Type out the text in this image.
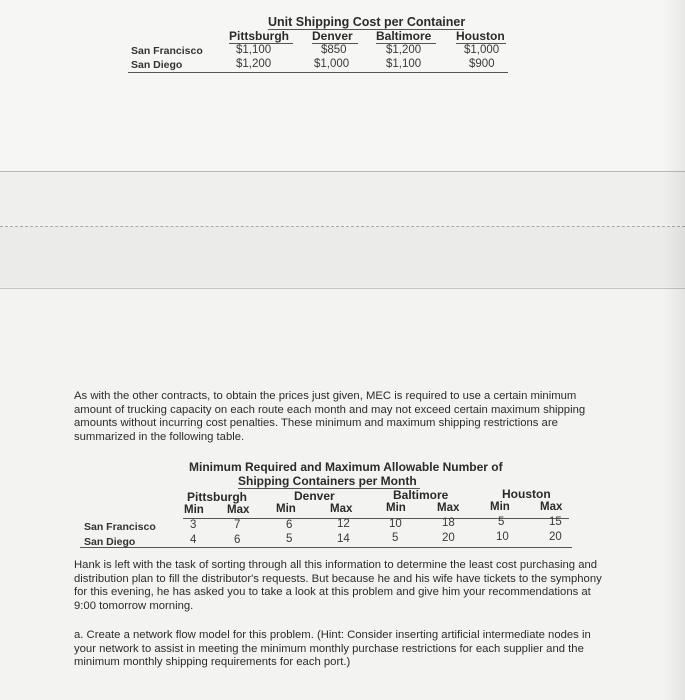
Unit Shipping Cost per Container
Pittsburgh Denver Baltimore Houston
San Francisco	$1,100	$850	$1,200	$1,000
San Diego	$1,200	$1,000	$1,100	$900
As with the other contracts, to obtain the prices just given, MEC is required to use a certain minimum amount of trucking capacity on each route each month and may not exceed certain maximum shipping amounts without incurring cost penalties. These minimum and maximum shipping restrictions are summarized in the following table.
Minimum Required and Maximum Allowable Number of
Shipping Containers per Month
Pittsburgh	Denver	Baltimore	Houston
Min Max Min	Max	Min	Max	Min	Max
San Francisco	3	7	6	12	10	18	5	15
San Diego	4	6	5	14	5	20	10	20
Hank is left with the task of sorting through all this information to determine the least cost purchasing and distribution plan to fill the distributor's requests. But because he and his wife have tickets to the symphony for this evening, he has asked you to take a look at this problem and give him your recommendations at 9:00 tomorrow morning.
a. Create a network flow model for this problem. (Hint: Consider inserting artificial intermediate nodes in your network to assist in meeting the minimum monthly purchase restrictions for each supplier and the minimum monthly shipping requirements for each port.)
